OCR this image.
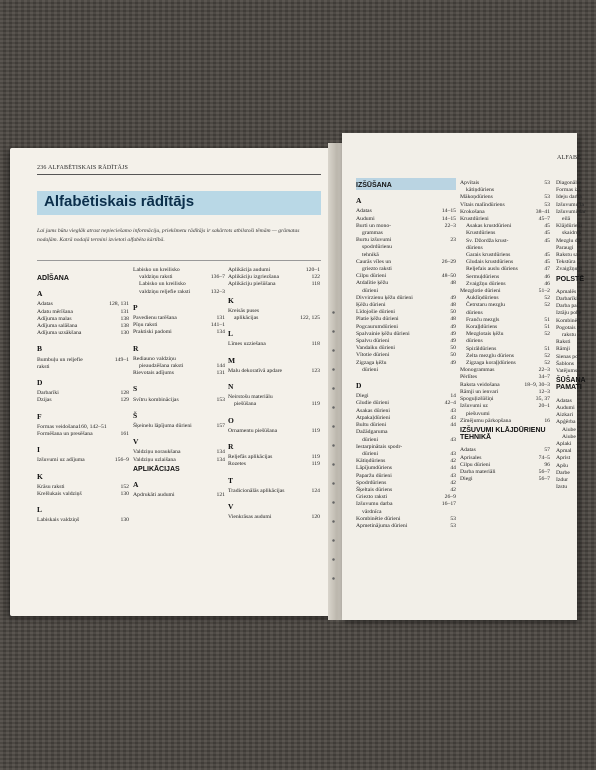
236 ALFABĒTISKAIS RĀDĪTĀJS
Alfabētiskais rādītājs
Lai jums būtu vieglāk atrast nepieciešamo informāciju, priekšmetu rādītājs ir sakārtots atbilstoši tēmām — grāmatas nodaļām. Katrā nodaļā termini izvietoti alfabēta kārtībā.
ADĪŠANA
A
Adatas	128, 131
Adatu mērīšana	131
Adījuma malas	138
Adījuma salāšana	138
Adījuma uzsākšana	130
B
Bumbuļu un reljefie	149–1
raksti
D
Darbarīki	128
Dzijas	129
F
Formas veidošana160, 142–51
Formēšana un presēšana	161
I
Izšuvumi uz adījuma	156–9
K
Krāsu raksti	152
Krelšukais valdziņš	130
L
Labiskais valdziņš	130
Labisko un kreilisko
valdziņu raksti	136–7
Labisko un kreilisko
valdziņu reljefie raksti	132–3
P
Pavedienu tarēšana	131
Pīņu raksti	141–1
Praktiski padomi	134
R
Rediauno valdziņu
pieaudzēšana raksti	144
Rievotais adījums	131
S
Svītru kombinācijas	153
Š
Šķeinelu lāpījuma dūrieni	157
V
Valdziņu noraukšana	134
Valdziņu uzlaišana	134
APLIKĀCIJAS
A
Apdrukāti audumi	121
Aplikācija audumi	120–1
Aplikāciju izgriezšana	122
Aplikāciju piešūšana	118
K
Kreisās puses
aplikācijas	122, 125
L
Līmes uzziešana	118
M
Malu dekoratīvā apdare	123
N
Neirstošu materiālu
piešūšana	119
O
Ornamentu piešūšana	119
R
Reljefās aplikācijas	119
Rozetes	119
T
Tradicionālās aplikācijas	124
V
Vienkrāsas audumi	120
ALFABĒ
IZŠŪŠANA
A
Adatas	14–15
Audumi	14–15
Burti un mono-	22–3
grammas
Burtu izšuvumi	23
spodrdūrienu
tehnikā
Caurās vīles un	26–29
griezto raksti
Cilpu dūrieni	48–50
Atdalītie ķēžu	48
dūrieni
Divvirzienu ķēžu dūrieni	49
Ķēžu dūrieni	48
Līdojošie dūrieni	50
Platie ķēžu dūrieni	48
Pogcaurumdūrieni	49
Spalvainie ķēžu dūrieni	49
Spalvu dūrieni	49
Vandaiku dūrieni	50
Vītotie dūrieni	50
Zigzaga ķēžu	49
dūrieni
D
Diegi	14
Gludie dūrieni	42–4
Asakas dūrieni	43
Atpakaļdūrieni	43
Bultu dūrieni	44
Dažādgaruma
dūrieni	43
Iestarpinātais spodr-
dūrieni	43
Kātiņdūriens	42
Lāpījumdūriens	44
Paparžu dūrieni	43
Spodrdūriens	42
Šķeltais dūriens	42
Griezto raksti	26–9
Izšuvumu darba	16–17
vārdnīca
Kombinētie dūrieni	53
Apmetinājuma dūrieni	53
Apvītais	53
kātiņdūriens
Mākoņdūriens	53
Vītais malīndūriens	53
Krokošana	38–41
Krustdūrieni	45–7
Asakas krustdūrieni	45
Krustdūriens	45
Sv. Džordža krust-	45
dūriens
Garais krustdūriens	45
Gludais krustdūriens	45
Reljefais auslu dūriens	47
Sermuļdūriens	46
Zvaigžņu dūriens	46
Mezglotie dūrieni	51–2
Auklīņdūriens	52
Četrstaru mezglu	52
dūriens
Franču mezgls	51
Koraļļdūriens	51
Mezglotais ķēžu	52
dūriens
Spirāldūriens	51
Zelta mezglu dūriens	52
Zigzaga koraļļdūriens	52
Monogrammas	22–3
Pērlītes	34–7
Raksta veidošana	18–9, 30–3
Rāmji un ienvari	12–3
Spoguļizšūšiņi	35, 37
Izšuvumi uz	20–1
piešuvumi
Zīmējumu pārkopšana	16
IZŠUVUMI KLĀJDŪRIENU TEHNIKĀ
Adatas	57
Aprisales	74–5
Cilpu dūrieni	96
Darba materiāli	56–7
Diegi	56–7
Diagonālie
Formas izv
Ideju darba
Izšuvumu la
Izšuvumi dar
eilā
Klājdūrieni
skaidrus
Mezglu dar
Paraugi
Rakstu sa
Tekstūra
Zvaigžņu d
POLSTĒ
Apmalēs
Darbarīki
Darba pal
Iztāju pobe
Kombinēti
Pogotais p
rakstu
Raksti
Rāmji
Sienas po
Šablons
Vatējums
ŠŪŠANA PAMATI
Adatas
Audumi
Aizkari
Apģērba
Aiube
Aiube
Aplaki
Apmal
Aprist
Apšu
Darbe
Izdur
Izstu
